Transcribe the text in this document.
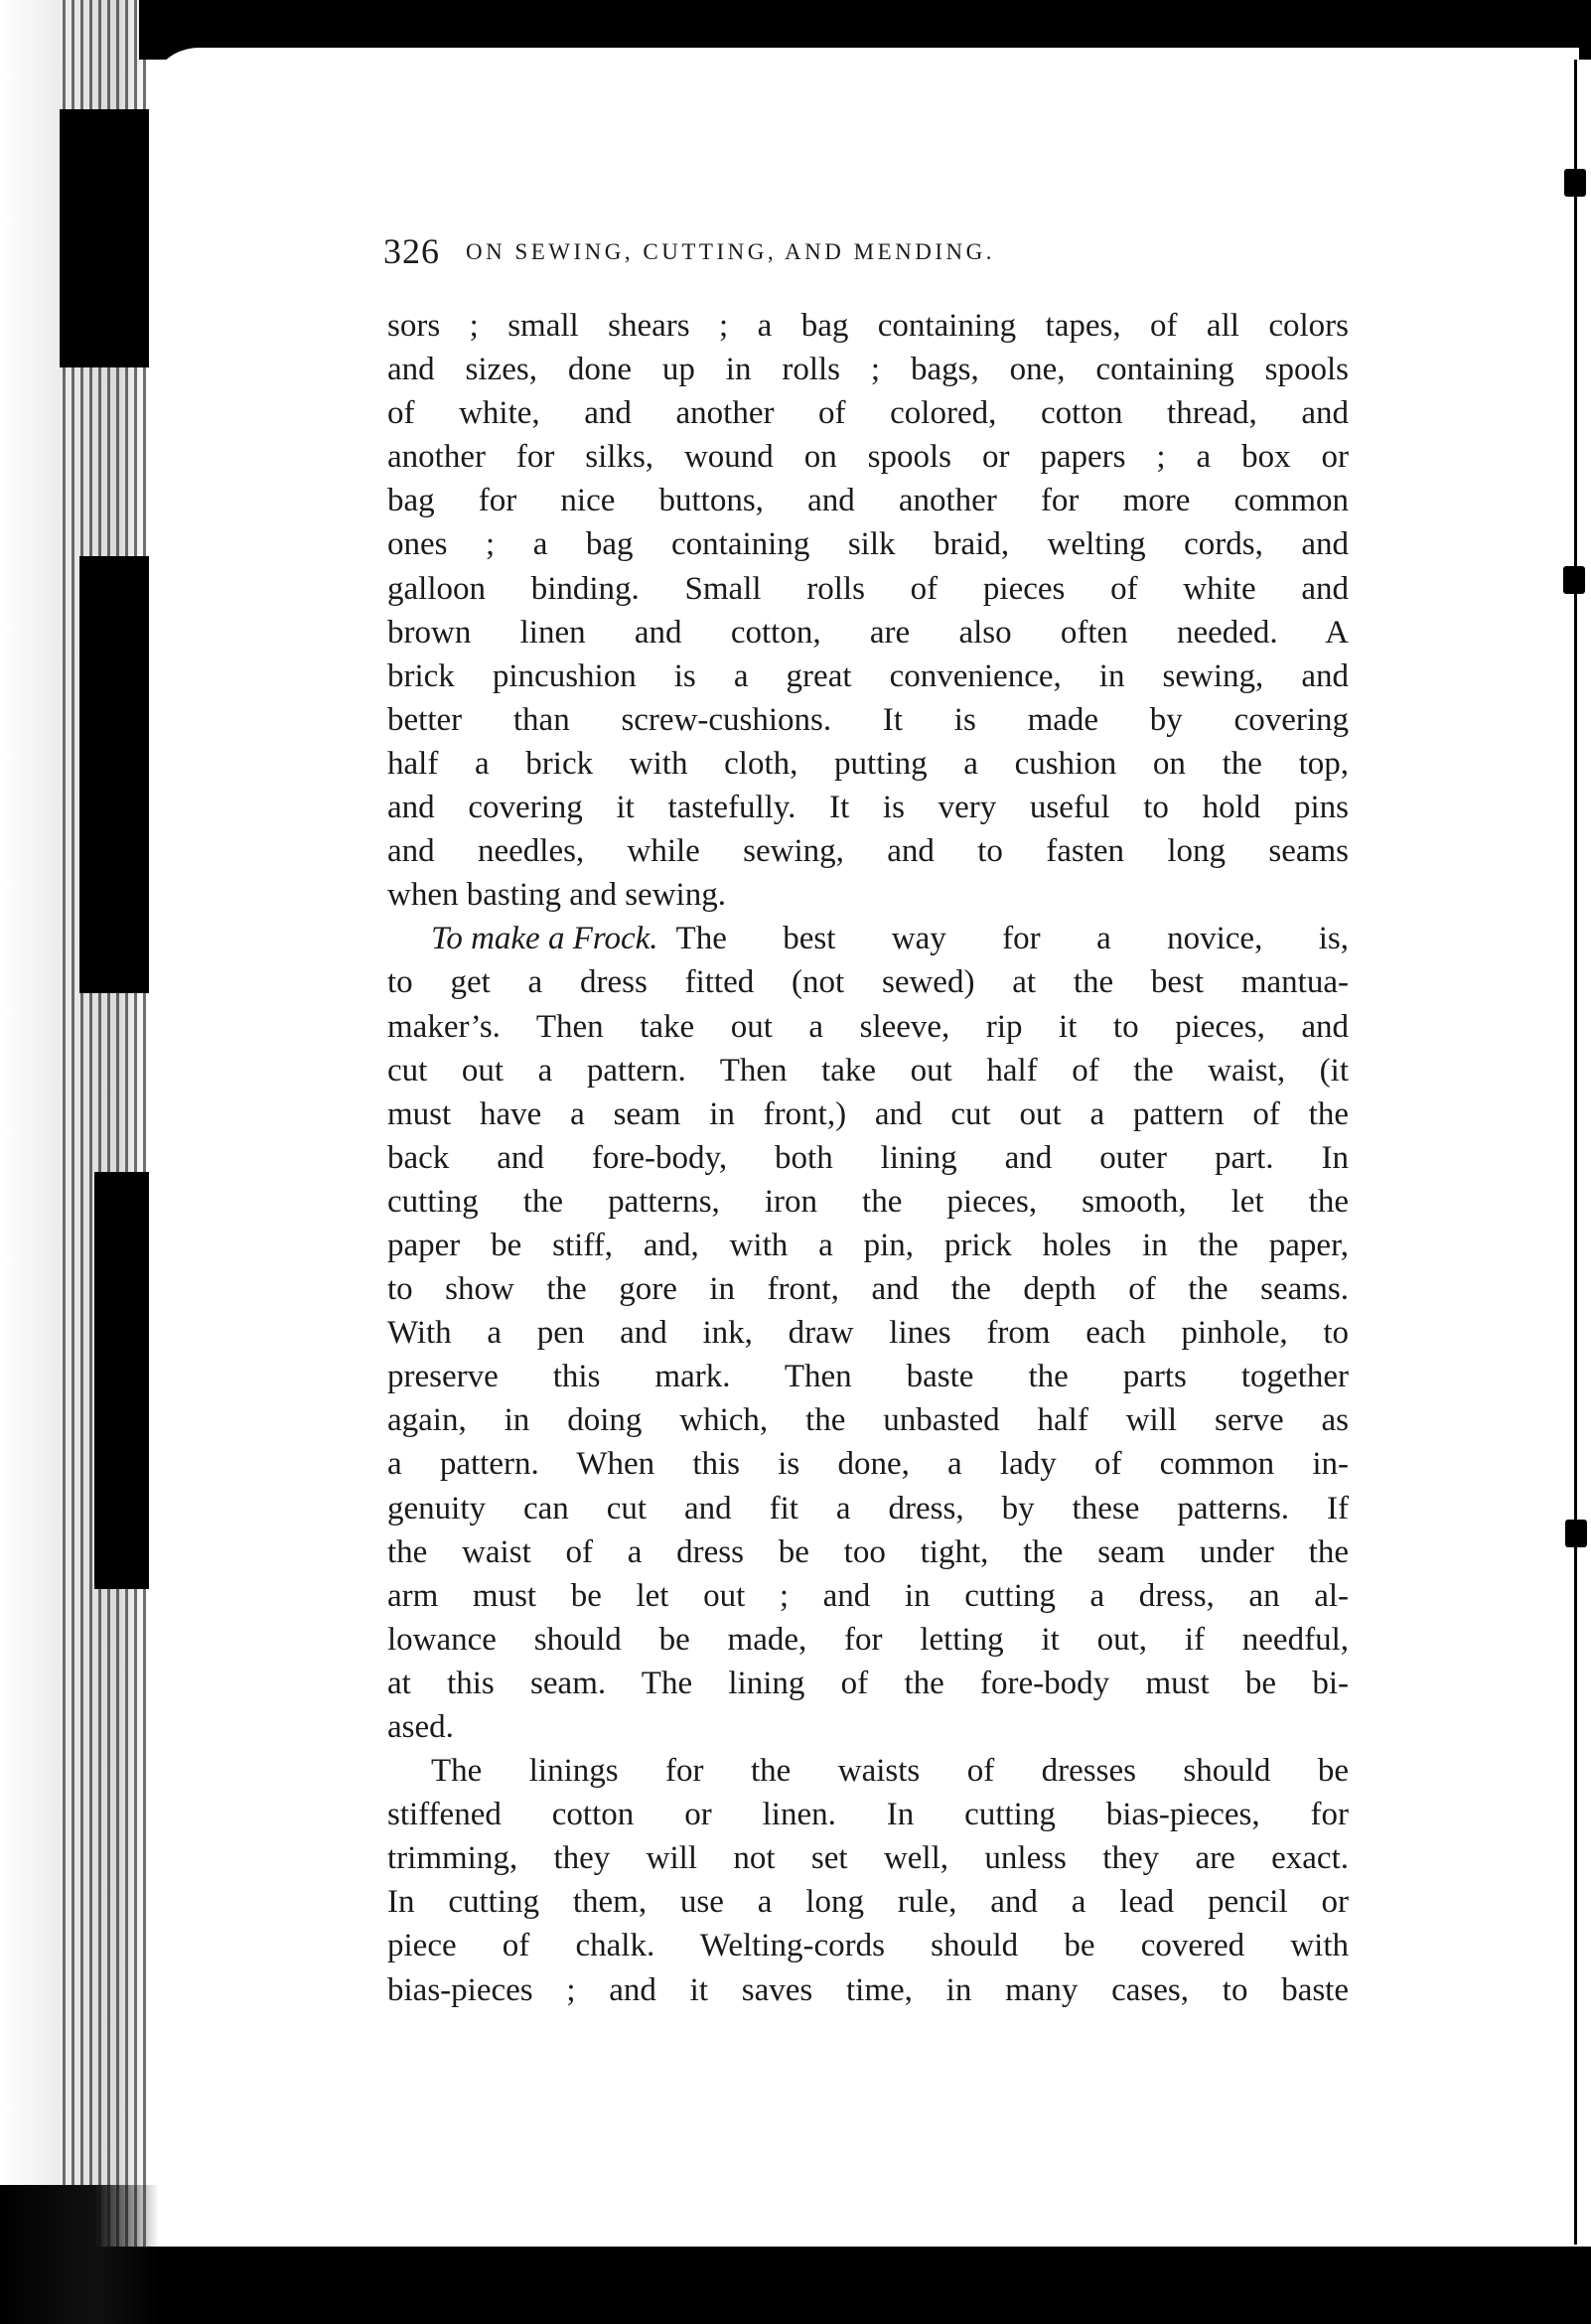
326 ON SEWING, CUTTING, AND MENDING.
sors ; small shears ; a bag containing tapes, of all colors
and sizes, done up in rolls ; bags, one, containing spools
of white, and another of colored, cotton thread, and
another for silks, wound on spools or papers ; a box or
bag for nice buttons, and another for more common
ones ; a bag containing silk braid, welting cords, and
galloon binding. Small rolls of pieces of white and
brown linen and cotton, are also often needed. A
brick pincushion is a great convenience, in sewing, and
better than screw-cushions. It is made by covering
half a brick with cloth, putting a cushion on the top,
and covering it tastefully. It is very useful to hold pins
and needles, while sewing, and to fasten long seams
when basting and sewing.
To make a Frock. The best way for a novice, is,
to get a dress fitted (not sewed) at the best mantua-
maker’s. Then take out a sleeve, rip it to pieces, and
cut out a pattern. Then take out half of the waist, (it
must have a seam in front,) and cut out a pattern of the
back and fore-body, both lining and outer part. In
cutting the patterns, iron the pieces, smooth, let the
paper be stiff, and, with a pin, prick holes in the paper,
to show the gore in front, and the depth of the seams.
With a pen and ink, draw lines from each pinhole, to
preserve this mark. Then baste the parts together
again, in doing which, the unbasted half will serve as
a pattern. When this is done, a lady of common in-
genuity can cut and fit a dress, by these patterns. If
the waist of a dress be too tight, the seam under the
arm must be let out ; and in cutting a dress, an al-
lowance should be made, for letting it out, if needful,
at this seam. The lining of the fore-body must be bi-
ased.
The linings for the waists of dresses should be
stiffened cotton or linen. In cutting bias-pieces, for
trimming, they will not set well, unless they are exact.
In cutting them, use a long rule, and a lead pencil or
piece of chalk. Welting-cords should be covered with
bias-pieces ; and it saves time, in many cases, to baste
